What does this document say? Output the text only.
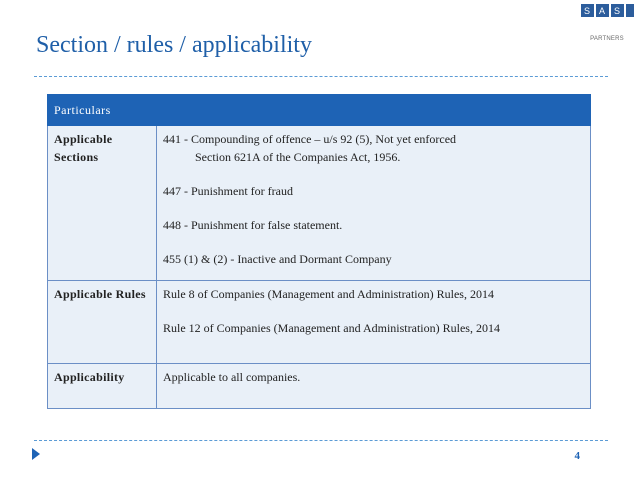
S A S
PARTNERS
Section / rules / applicability
Particulars	
Applicable Sections	441 - Compounding of offence – u/s 92 (5), Not yet enforced
Section 621A of the Companies Act, 1956.
447 - Punishment for fraud
448 - Punishment for false statement.
455 (1) & (2) - Inactive and Dormant Company

Applicable Rules	Rule 8 of Companies (Management and Administration) Rules, 2014
Rule 12 of Companies (Management and Administration) Rules, 2014

Applicability	Applicable to all companies.
4
